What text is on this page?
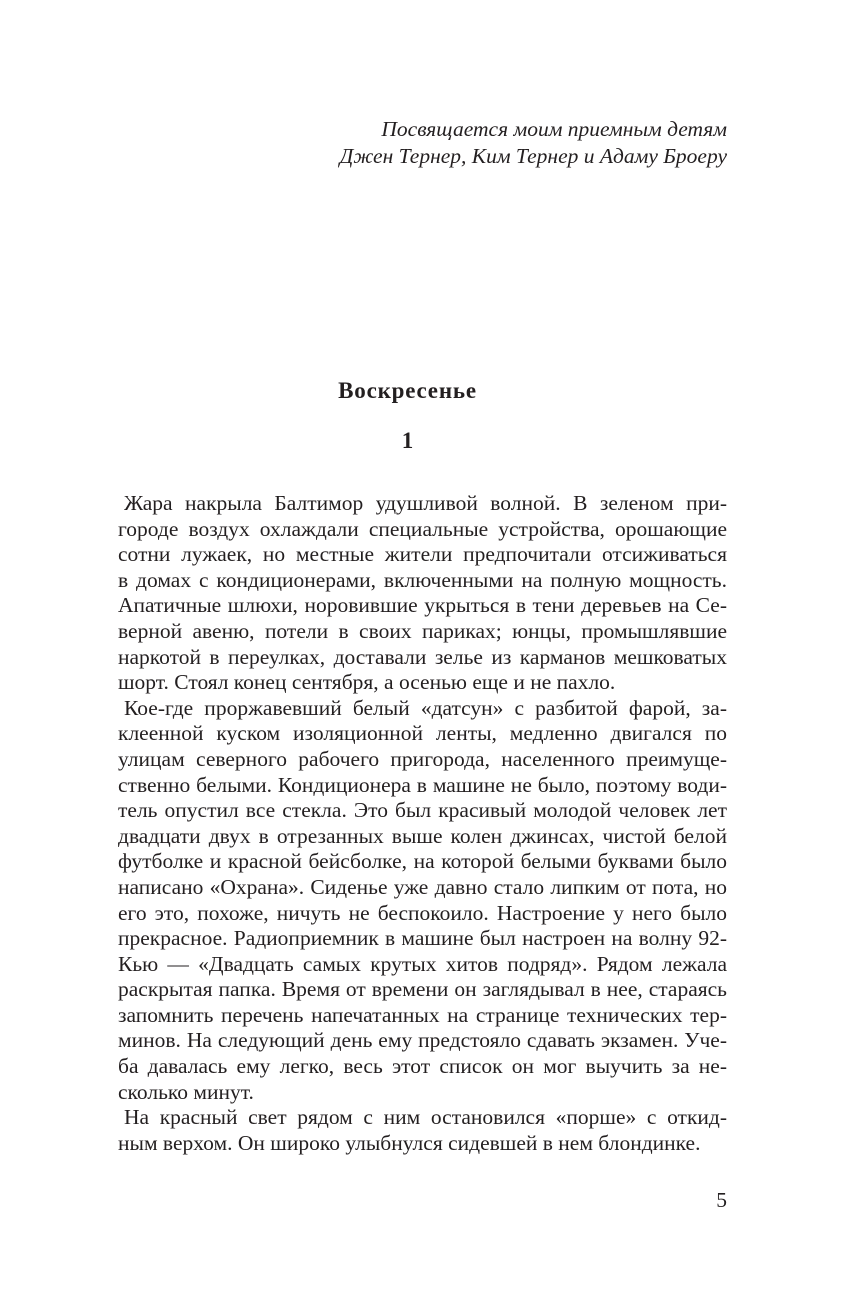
Посвящается моим приемным детям
Джен Тернер, Ким Тернер и Адаму Броеру
Воскресенье
1
Жара накрыла Балтимор удушливой волной. В зеленом при-
городе воздух охлаждали специальные устройства, орошающие
сотни лужаек, но местные жители предпочитали отсиживаться
в домах с кондиционерами, включенными на полную мощность.
Апатичные шлюхи, норовившие укрыться в тени деревьев на Се-
верной авеню, потели в своих париках; юнцы, промышлявшие
наркотой в переулках, доставали зелье из карманов мешковатых
шорт. Стоял конец сентября, а осенью еще и не пахло.
Кое-где проржавевший белый «датсун» с разбитой фарой, за-
клеенной куском изоляционной ленты, медленно двигался по
улицам северного рабочего пригорода, населенного преимуще-
ственно белыми. Кондиционера в машине не было, поэтому води-
тель опустил все стекла. Это был красивый молодой человек лет
двадцати двух в отрезанных выше колен джинсах, чистой белой
футболке и красной бейсболке, на которой белыми буквами было
написано «Охрана». Сиденье уже давно стало липким от пота, но
его это, похоже, ничуть не беспокоило. Настроение у него было
прекрасное. Радиоприемник в машине был настроен на волну 92-
Кью — «Двадцать самых крутых хитов подряд». Рядом лежала
раскрытая папка. Время от времени он заглядывал в нее, стараясь
запомнить перечень напечатанных на странице технических тер-
минов. На следующий день ему предстояло сдавать экзамен. Уче-
ба давалась ему легко, весь этот список он мог выучить за не-
сколько минут.
На красный свет рядом с ним остановился «порше» с откид-
ным верхом. Он широко улыбнулся сидевшей в нем блондинке.
5
